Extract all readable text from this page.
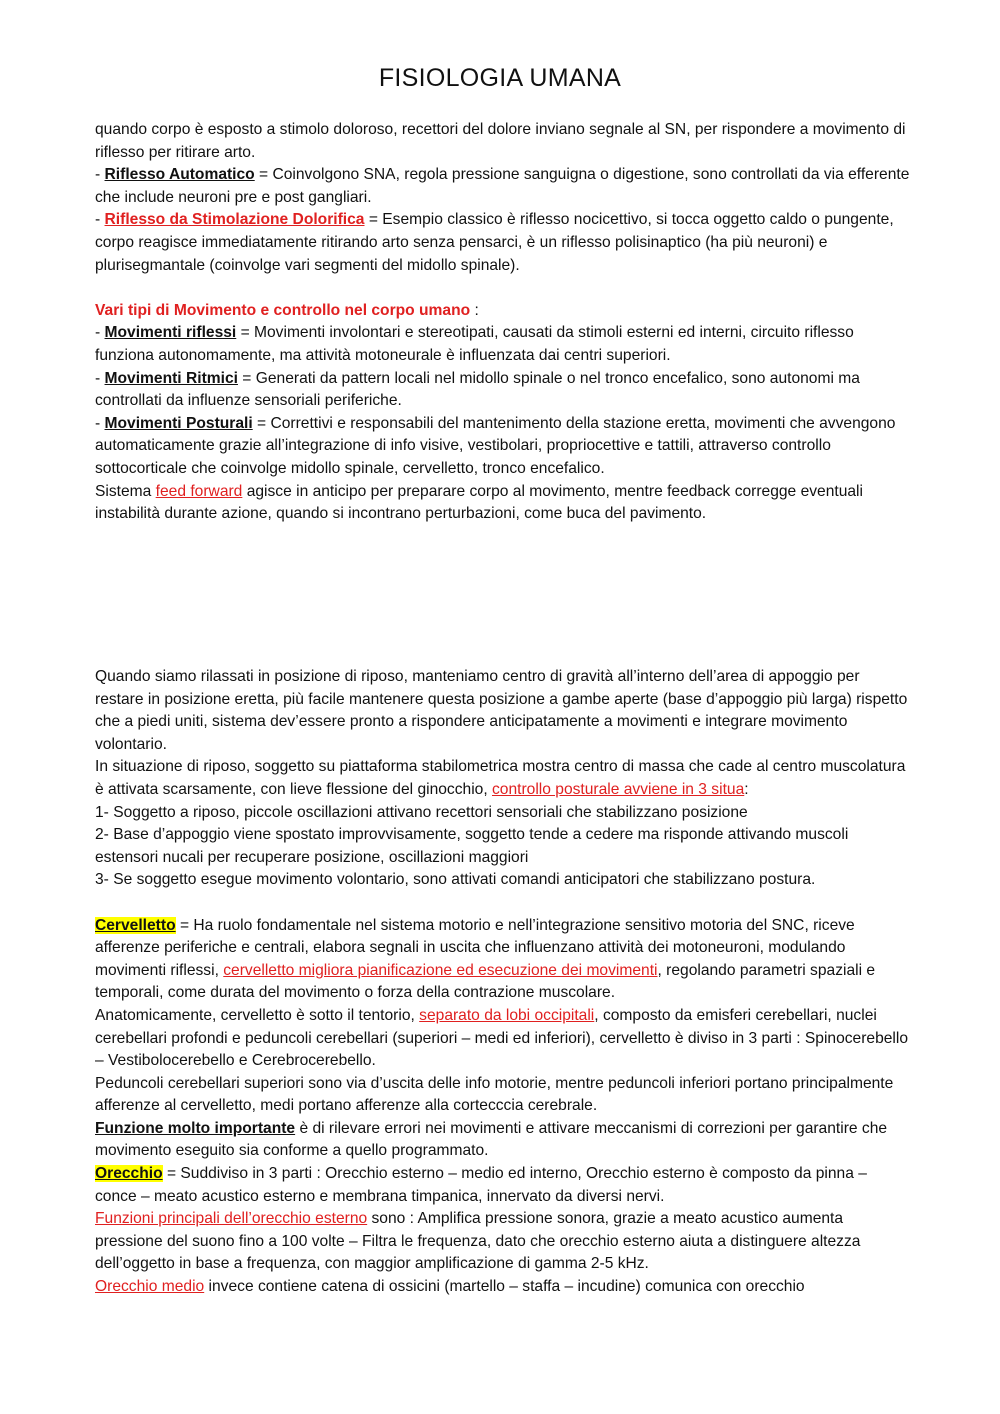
FISIOLOGIA UMANA

quando corpo è esposto a stimolo doloroso, recettori del dolore inviano segnale al SN, per rispondere a movimento di riflesso per ritirare arto.

- Riflesso Automatico = Coinvolgono SNA, regola pressione sanguigna o digestione, sono controllati da via efferente che include neuroni pre e post gangliari.

- Riflesso da Stimolazione Dolorifica = Esempio classico è riflesso nocicettivo, si tocca oggetto caldo o pungente, corpo reagisce immediatamente ritirando arto senza pensarci, è un riflesso polisinaptico (ha più neuroni) e plurisegmantale (coinvolge vari segmenti del midollo spinale).

Vari tipi di Movimento e controllo nel corpo umano :

- Movimenti riflessi = Movimenti involontari e stereotipati, causati da stimoli esterni ed interni, circuito riflesso funziona autonomamente, ma attività motoneurale è influenzata dai centri superiori.

- Movimenti Ritmici = Generati da pattern locali nel midollo spinale o nel tronco encefalico, sono autonomi ma controllati da influenze sensoriali periferiche.

- Movimenti Posturali = Correttivi e responsabili del mantenimento della stazione eretta, movimenti che avvengono automaticamente grazie all’integrazione di info visive, vestibolari, propriocettive e tattili, attraverso controllo sottocorticale che coinvolge midollo spinale, cervelletto, tronco encefalico.

Sistema feed forward agisce in anticipo per preparare corpo al movimento, mentre feedback corregge eventuali instabilità durante azione, quando si incontrano perturbazioni, come buca del pavimento.

Quando siamo rilassati in posizione di riposo, manteniamo centro di gravità all’interno dell’area di appoggio per restare in posizione eretta, più facile mantenere questa posizione a gambe aperte (base d’appoggio più larga) rispetto che a piedi uniti, sistema dev’essere pronto a rispondere anticipatamente a movimenti e integrare movimento volontario.

In situazione di riposo, soggetto su piattaforma stabilometrica mostra centro di massa che cade al centro muscolatura è attivata scarsamente, con lieve flessione del ginocchio, controllo posturale avviene in 3 situa:

1- Soggetto a riposo, piccole oscillazioni attivano recettori sensoriali che stabilizzano posizione

2- Base d’appoggio viene spostato improvvisamente, soggetto tende a cedere ma risponde attivando muscoli estensori nucali per recuperare posizione, oscillazioni maggiori

3- Se soggetto esegue movimento volontario, sono attivati comandi anticipatori che stabilizzano postura.

Cervelletto = Ha ruolo fondamentale nel sistema motorio e nell’integrazione sensitivo motoria del SNC, riceve afferenze periferiche e centrali, elabora segnali in uscita che influenzano attività dei motoneuroni, modulando movimenti riflessi, cervelletto migliora pianificazione ed esecuzione dei movimenti, regolando parametri spaziali e temporali, come durata del movimento o forza della contrazione muscolare.

Anatomicamente, cervelletto è sotto il tentorio, separato da lobi occipitali, composto da emisferi cerebellari, nuclei cerebellari profondi e peduncoli cerebellari (superiori – medi ed inferiori), cervelletto è diviso in 3 parti : Spinocerebello – Vestibolocerebello e Cerebrocerebello.

Peduncoli cerebellari superiori sono via d’uscita delle info motorie, mentre peduncoli inferiori portano principalmente afferenze al cervelletto, medi portano afferenze alla cortecccia cerebrale.

Funzione molto importante è di rilevare errori nei movimenti e attivare meccanismi di correzioni per garantire che movimento eseguito sia conforme a quello programmato.

Orecchio = Suddiviso in 3 parti : Orecchio esterno – medio ed interno, Orecchio esterno è composto da pinna – conce – meato acustico esterno e membrana timpanica, innervato da diversi nervi.

Funzioni principali dell’orecchio esterno sono : Amplifica pressione sonora, grazie a meato acustico aumenta pressione del suono fino a 100 volte – Filtra le frequenza, dato che orecchio esterno aiuta a distinguere altezza dell’oggetto in base a frequenza, con maggior amplificazione di gamma 2-5 kHz.

Orecchio medio invece contiene catena di ossicini (martello – staffa – incudine) comunica con orecchio
